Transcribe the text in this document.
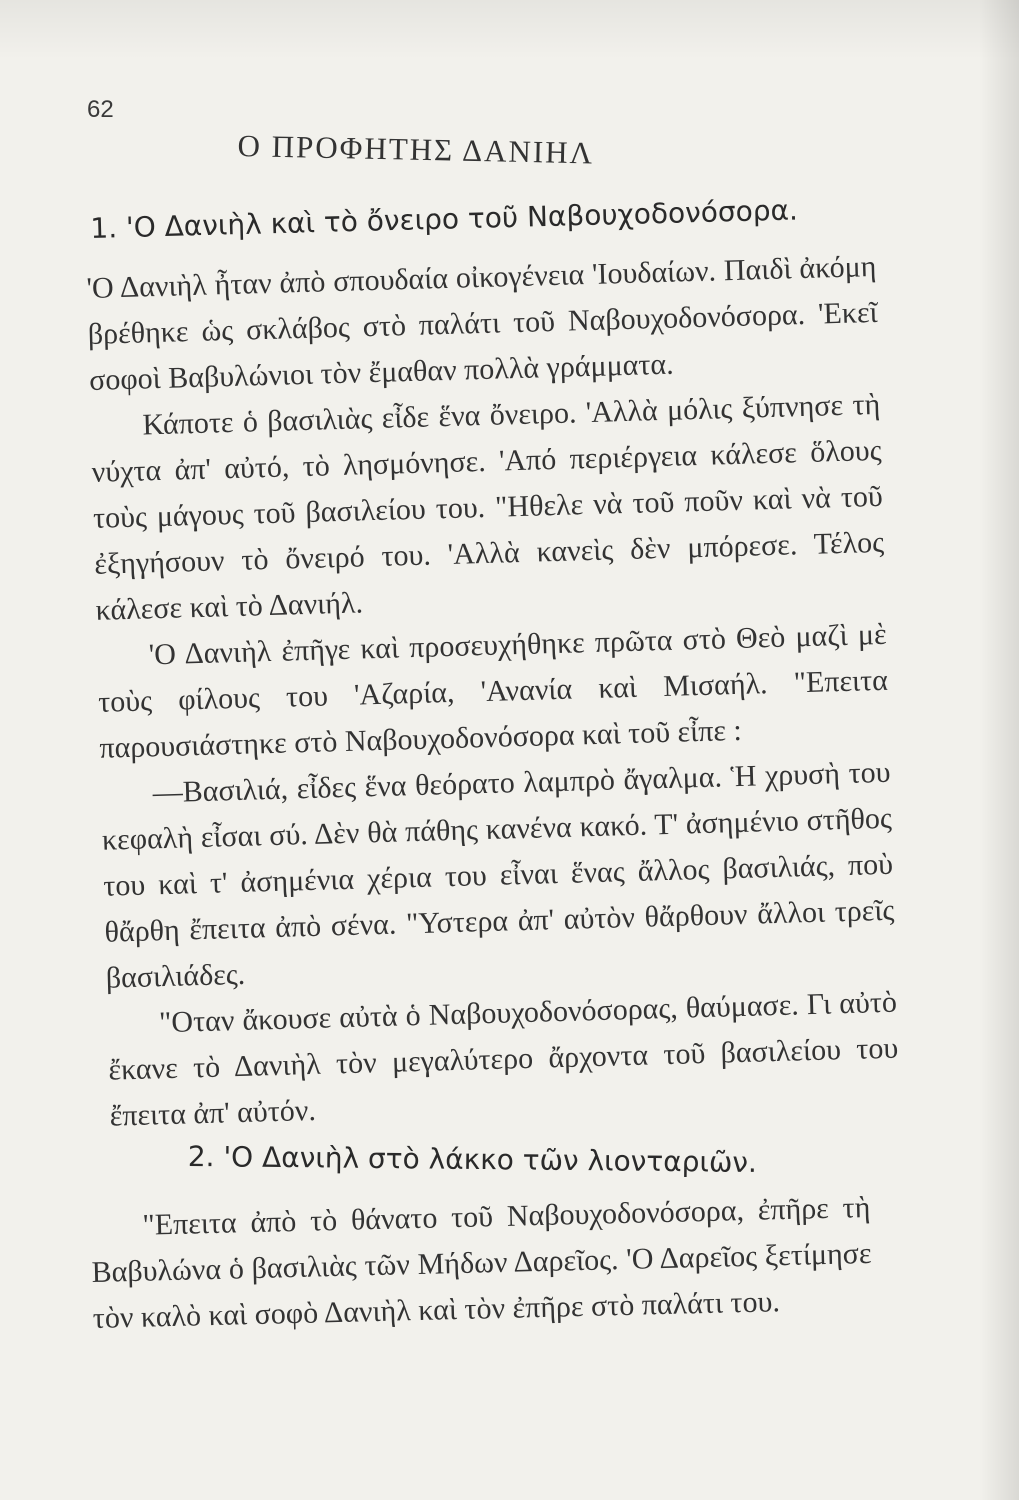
62
Ο ΠΡΟΦΗΤΗΣ ΔΑΝΙΗΛ
1. 'Ο Δανιὴλ καὶ τὸ ὄνειρο τοῦ Ναβουχοδονόσορα.

'Ο Δανιὴλ ἦταν ἀπὸ σπουδαία οἰκογένεια 'Ιουδαίων. Παιδὶ ἀκόμη βρέθηκε ὡς σκλάβος στὸ παλάτι τοῦ Ναβουχοδονόσορα. 'Εκεῖ σοφοὶ Βαβυλώνιοι τὸν ἔμαθαν πολλὰ γράμματα.

Κάποτε ὁ βασιλιὰς εἶδε ἕνα ὄνειρο. 'Αλλὰ μόλις ξύπνησε τὴ νύχτα ἀπ' αὐτό, τὸ λησμόνησε. 'Από περιέργεια κάλεσε ὅλους τοὺς μάγους τοῦ βασιλείου του. "Ηθελε νὰ τοῦ ποῦν καὶ νὰ τοῦ ἐξηγήσουν τὸ ὄνειρό του. 'Αλλὰ κανεὶς δὲν μπόρεσε. Τέλος κάλεσε καὶ τὸ Δανιήλ.

'Ο Δανιὴλ ἐπῆγε καὶ προσευχήθηκε πρῶτα στὸ Θεὸ μαζὶ μὲ τοὺς φίλους του 'Αζαρία, 'Ανανία καὶ Μισαήλ. "Επειτα παρουσιάστηκε στὸ Ναβουχοδονόσορα καὶ τοῦ εἶπε :

—Βασιλιά, εἶδες ἕνα θεόρατο λαμπρὸ ἄγαλμα. Ἡ χρυσὴ του κεφαλὴ εἶσαι σύ. Δὲν θὰ πάθης κανένα κακό. Τ' ἀσημένιο στῆθος του καὶ τ' ἀσημένια χέρια του εἶναι ἕνας ἄλλος βασιλιάς, ποὺ θἄρθη ἔπειτα ἀπὸ σένα. "Υστερα ἀπ' αὐτὸν θἄρθουν ἄλλοι τρεῖς βασιλιάδες.

"Οταν ἄκουσε αὐτὰ ὁ Ναβουχοδονόσορας, θαύμασε. Γι αὐτὸ ἔκανε τὸ Δανιὴλ τὸν μεγαλύτερο ἄρχοντα τοῦ βασιλείου του ἔπειτα ἀπ' αὐτόν.

2. 'Ο Δανιὴλ στὸ λάκκο τῶν λιονταριῶν.

"Επειτα ἀπὸ τὸ θάνατο τοῦ Ναβουχοδονόσορα, ἐπῆρε τὴ Βαβυλώνα ὁ βασιλιὰς τῶν Μήδων Δαρεῖος. 'Ο Δαρεῖος ξετίμησε τὸν καλὸ καὶ σοφὸ Δανιὴλ καὶ τὸν ἐπῆρε στὸ παλάτι του.
